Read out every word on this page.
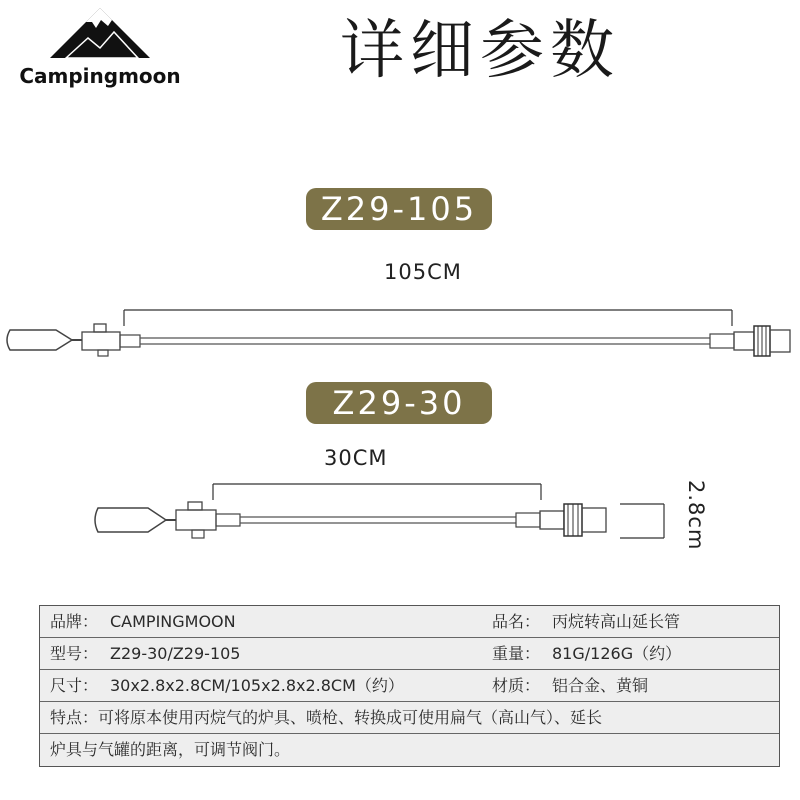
Campingmoon	详细参数
Z29-105
105CM
Z29-30
30CM
2.8cm
品牌： CAMPINGMOON	品名： 丙烷转高山延长管
型号： Z29-30/Z29-105	重量： 81G/126G（约）
尺寸： 30x2.8x2.8CM/105x2.8x2.8CM（约）	材质： 铝合金、黄铜
特点：可将原本使用丙烷气的炉具、喷枪、转换成可使用扁气（高山气）、延长
炉具与气罐的距离，可调节阀门。
